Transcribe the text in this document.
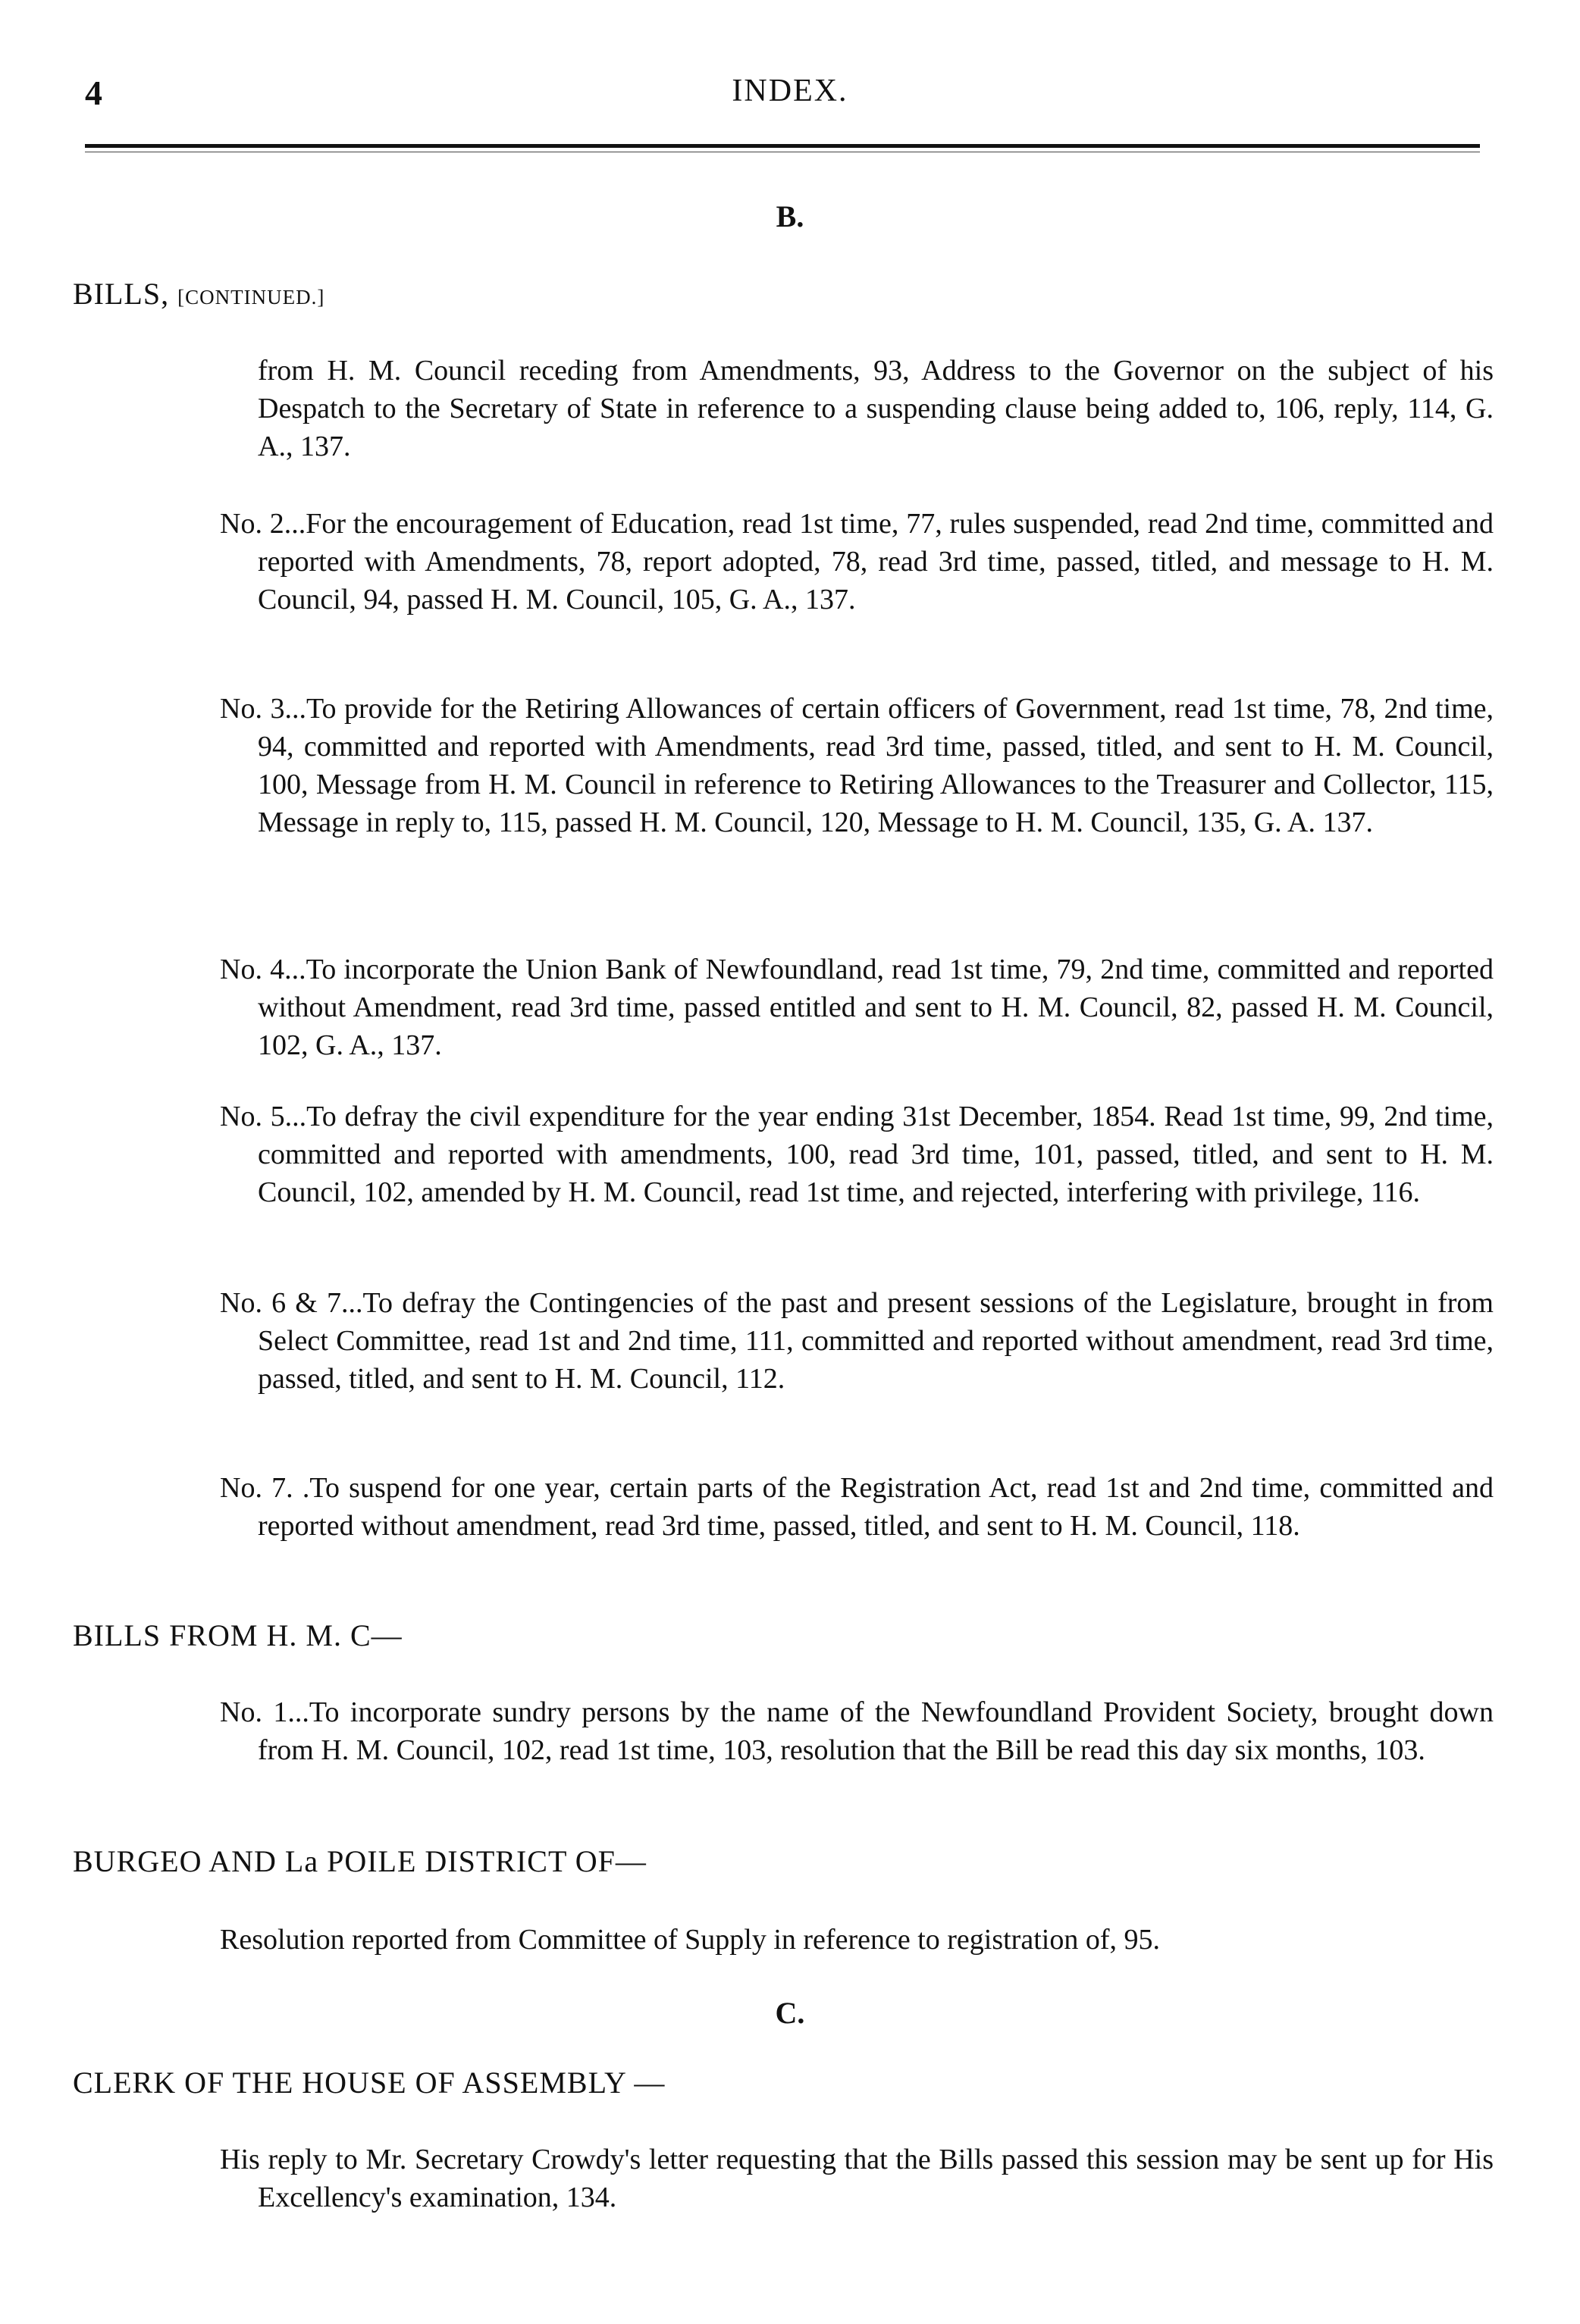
4	INDEX.
B.
BILLS, [CONTINUED.]
from H. M. Council receding from Amendments, 93, Address to the Governor on the subject of his Despatch to the Secretary of State in reference to a suspending clause being added to, 106, reply, 114, G. A., 137.
No. 2...For the encouragement of Education, read 1st time, 77, rules suspended, read 2nd time, committed and reported with Amendments, 78, report adopted, 78, read 3rd time, passed, titled, and message to H. M. Council, 94, passed H. M. Council, 105, G. A., 137.
No. 3...To provide for the Retiring Allowances of certain officers of Government, read 1st time, 78, 2nd time, 94, committed and reported with Amendments, read 3rd time, passed, titled, and sent to H. M. Council, 100, Message from H. M. Council in reference to Retiring Allowances to the Treasurer and Collector, 115, Message in reply to, 115, passed H. M. Council, 120, Message to H. M. Council, 135, G. A. 137.
No. 4...To incorporate the Union Bank of Newfoundland, read 1st time, 79, 2nd time, committed and reported without Amendment, read 3rd time, passed entitled and sent to H. M. Council, 82, passed H. M. Council, 102, G. A., 137.
No. 5...To defray the civil expenditure for the year ending 31st December, 1854. Read 1st time, 99, 2nd time, committed and reported with amendments, 100, read 3rd time, 101, passed, titled, and sent to H. M. Council, 102, amended by H. M. Council, read 1st time, and rejected, interfering with privilege, 116.
No. 6 & 7...To defray the Contingencies of the past and present sessions of the Legislature, brought in from Select Committee, read 1st and 2nd time, 111, committed and reported without amendment, read 3rd time, passed, titled, and sent to H. M. Council, 112.
No. 7. .To suspend for one year, certain parts of the Registration Act, read 1st and 2nd time, committed and reported without amendment, read 3rd time, passed, titled, and sent to H. M. Council, 118.
BILLS FROM H. M. C—
No. 1...To incorporate sundry persons by the name of the Newfoundland Provident Society, brought down from H. M. Council, 102, read 1st time, 103, resolution that the Bill be read this day six months, 103.
BURGEO AND La POILE DISTRICT OF—
Resolution reported from Committee of Supply in reference to registration of, 95.
C.
CLERK OF THE HOUSE OF ASSEMBLY —
His reply to Mr. Secretary Crowdy's letter requesting that the Bills passed this session may be sent up for His Excellency's examination, 134.
